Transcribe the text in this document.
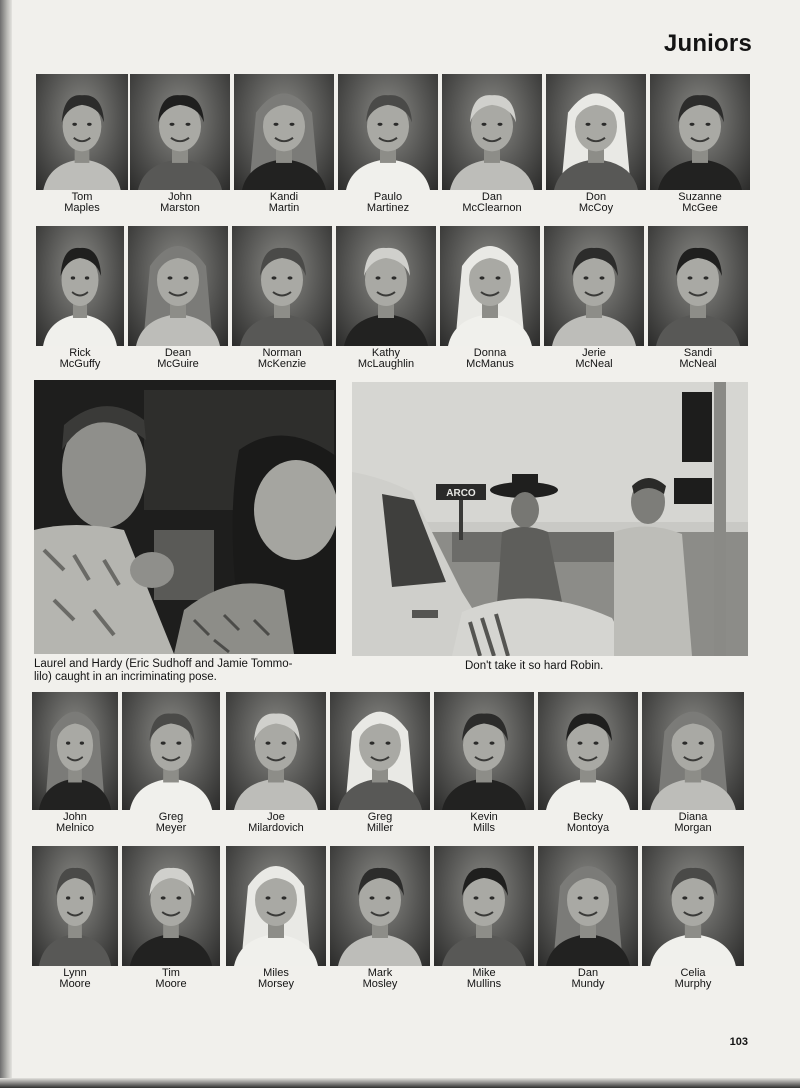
Juniors
Tom
Maples
John
Marston
Kandi
Martin
Paulo
Martinez
Dan
McClearnon
Don
McCoy
Suzanne
McGee
Rick
McGuffy
Dean
McGuire
Norman
McKenzie
Kathy
McLaughlin
Donna
McManus
Jerie
McNeal
Sandi
McNeal
John
Melnico
Greg
Meyer
Joe
Milardovich
Greg
Miller
Kevin
Mills
Becky
Montoya
Diana
Morgan
Lynn
Moore
Tim
Moore
Miles
Morsey
Mark
Mosley
Mike
Mullins
Dan
Mundy
Celia
Murphy
Laurel and Hardy (Eric Sudhoff and Jamie Tommo-
lilo) caught in an incriminating pose.
ARCO
Don't take it so hard Robin.
103
